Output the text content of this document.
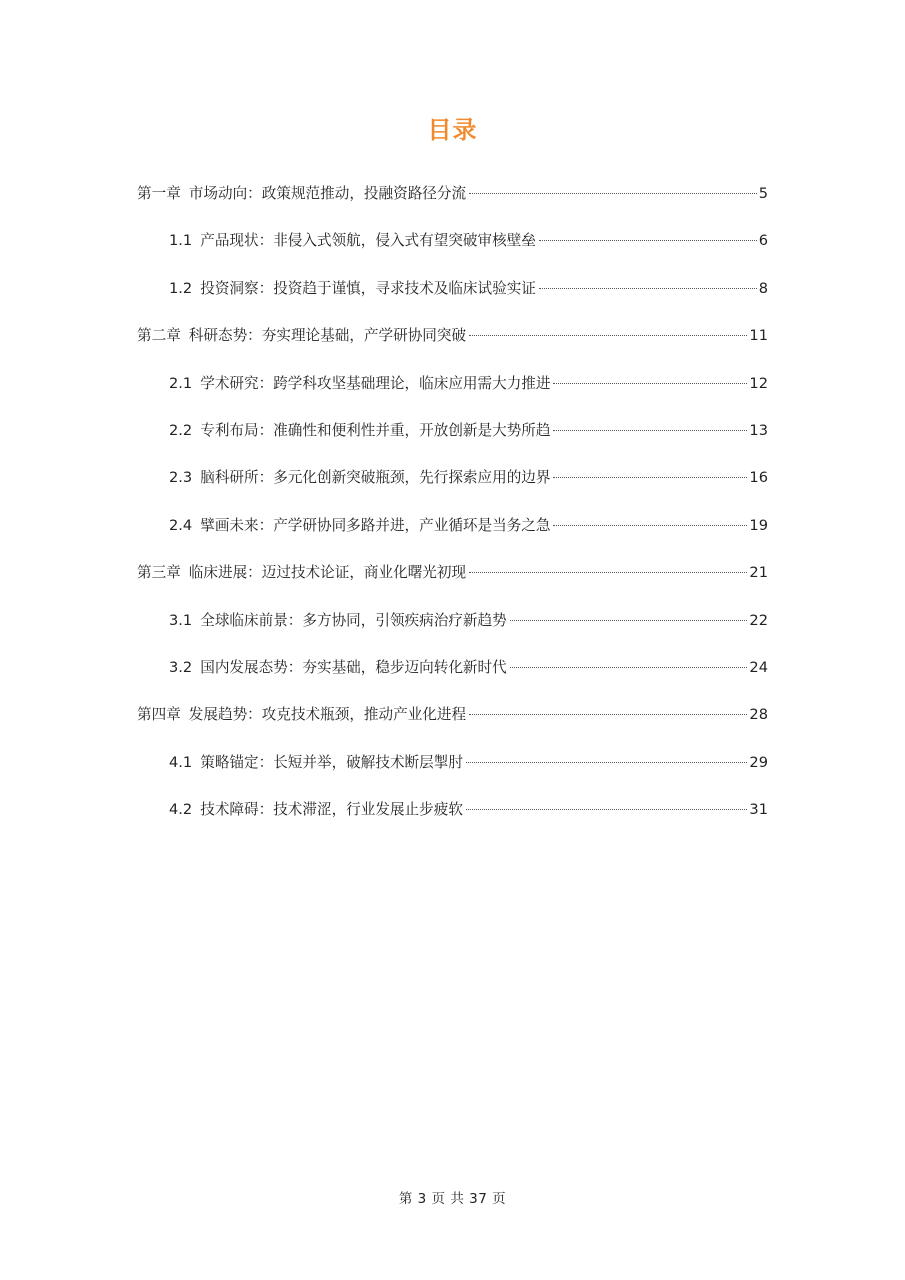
目录
第一章 市场动向：政策规范推动，投融资路径分流	5
1.1 产品现状：非侵入式领航，侵入式有望突破审核壁垒	6
1.2 投资洞察：投资趋于谨慎，寻求技术及临床试验实证	8
第二章 科研态势：夯实理论基础，产学研协同突破	11
2.1 学术研究：跨学科攻坚基础理论，临床应用需大力推进	12
2.2 专利布局：准确性和便利性并重，开放创新是大势所趋	13
2.3 脑科研所：多元化创新突破瓶颈，先行探索应用的边界	16
2.4 擘画未来：产学研协同多路并进，产业循环是当务之急	19
第三章 临床进展：迈过技术论证，商业化曙光初现	21
3.1 全球临床前景：多方协同，引领疾病治疗新趋势	22
3.2 国内发展态势：夯实基础，稳步迈向转化新时代	24
第四章 发展趋势：攻克技术瓶颈，推动产业化进程	28
4.1 策略锚定：长短并举，破解技术断层掣肘	29
4.2 技术障碍：技术滞涩，行业发展止步疲软	31
第 3 页 共 37 页
